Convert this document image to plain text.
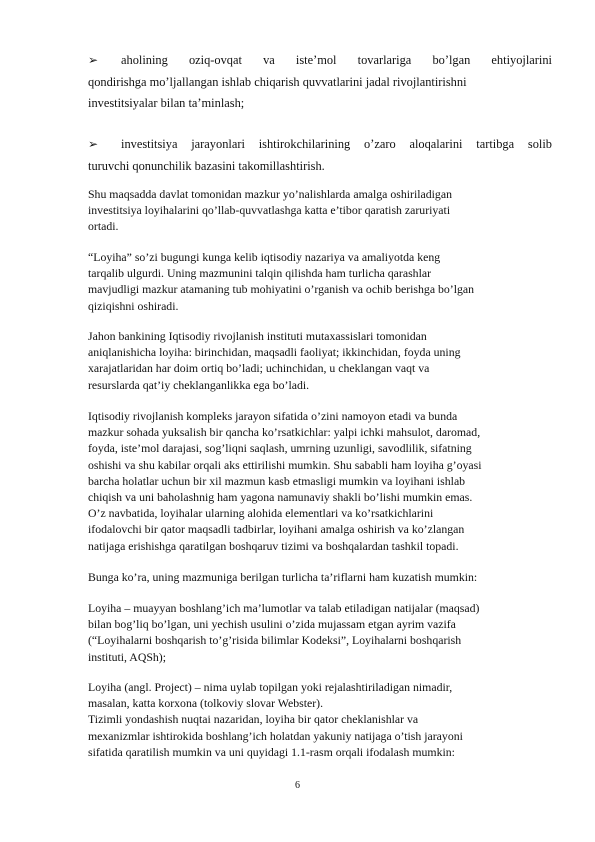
➢	aholining oziq-ovqat va iste’mol tovarlariga bo’lgan ehtiyojlarini
qondirishga mo’ljallangan ishlab chiqarish quvvatlarini jadal rivojlantirishni
investitsiyalar bilan ta’minlash;
➢	investitsiya jarayonlari ishtirokchilarining o’zaro aloqalarini tartibga solib
turuvchi qonunchilik bazasini takomillashtirish.
Shu maqsadda davlat tomonidan mazkur yo’nalishlarda amalga oshiriladigan
investitsiya loyihalarini qo’llab-quvvatlashga katta e’tibor qaratish zaruriyati
ortadi.
“Loyiha” so’zi bugungi kunga kelib iqtisodiy nazariya va amaliyotda keng
tarqalib ulgurdi. Uning mazmunini talqin qilishda ham turlicha qarashlar
mavjudligi mazkur atamaning tub mohiyatini o’rganish va ochib berishga bo’lgan
qiziqishni oshiradi.
Jahon bankining Iqtisodiy rivojlanish instituti mutaxassislari tomonidan
aniqlanishicha loyiha: birinchidan, maqsadli faoliyat; ikkinchidan, foyda uning
xarajatlaridan har doim ortiq bo’ladi; uchinchidan, u cheklangan vaqt va
resurslarda qat’iy cheklanganlikka ega bo’ladi.
Iqtisodiy rivojlanish kompleks jarayon sifatida o’zini namoyon etadi va bunda
mazkur sohada yuksalish bir qancha ko’rsatkichlar: yalpi ichki mahsulot, daromad,
foyda, iste’mol darajasi, sog’liqni saqlash, umrning uzunligi, savodlilik, sifatning
oshishi va shu kabilar orqali aks ettirilishi mumkin. Shu sababli ham loyiha g’oyasi
barcha holatlar uchun bir xil mazmun kasb etmasligi mumkin va loyihani ishlab
chiqish va uni baholashnig ham yagona namunaviy shakli bo’lishi mumkin emas.
O’z navbatida, loyihalar ularning alohida elementlari va ko’rsatkichlarini
ifodalovchi bir qator maqsadli tadbirlar, loyihani amalga oshirish va ko’zlangan
natijaga erishishga qaratilgan boshqaruv tizimi va boshqalardan tashkil topadi.
Bunga ko’ra, uning mazmuniga berilgan turlicha ta’riflarni ham kuzatish mumkin:
Loyiha – muayyan boshlang’ich ma’lumotlar va talab etiladigan natijalar (maqsad)
bilan bog’liq bo’lgan, uni yechish usulini o’zida mujassam etgan ayrim vazifa
(“Loyihalarni boshqarish to’g’risida bilimlar Kodeksi”, Loyihalarni boshqarish
instituti, AQSh);
Loyiha (angl. Project) – nima uylab topilgan yoki rejalashtiriladigan nimadir,
masalan, katta korxona (tolkoviy slovar Webster).
Tizimli yondashish nuqtai nazaridan, loyiha bir qator cheklanishlar va
mexanizmlar ishtirokida boshlang’ich holatdan yakuniy natijaga o’tish jarayoni
sifatida qaratilish mumkin va uni quyidagi 1.1-rasm orqali ifodalash mumkin:
6
